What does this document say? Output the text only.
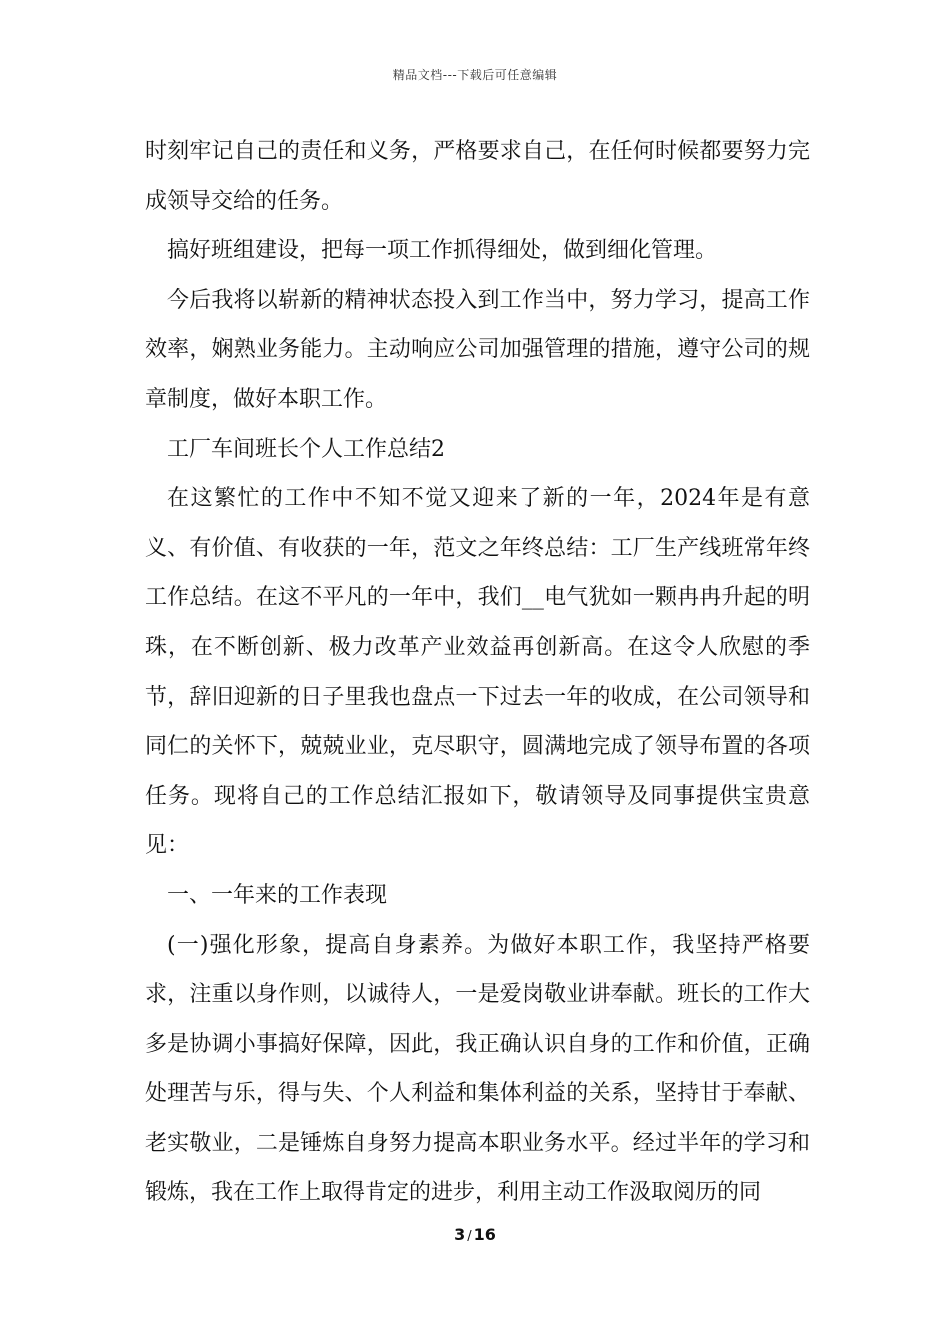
精品文档---下载后可任意编辑

时刻牢记自己的责任和义务，严格要求自己，在任何时候都要努力完成领导交给的任务。

搞好班组建设，把每一项工作抓得细处，做到细化管理。

今后我将以崭新的精神状态投入到工作当中，努力学习，提高工作效率，娴熟业务能力。主动响应公司加强管理的措施，遵守公司的规章制度，做好本职工作。

工厂车间班长个人工作总结2

在这繁忙的工作中不知不觉又迎来了新的一年，2024年是有意义、有价值、有收获的一年，范文之年终总结：工厂生产线班常年终工作总结。在这不平凡的一年中，我们__电气犹如一颗冉冉升起的明珠，在不断创新、极力改革产业效益再创新高。在这令人欣慰的季节，辞旧迎新的日子里我也盘点一下过去一年的收成，在公司领导和同仁的关怀下，兢兢业业，克尽职守，圆满地完成了领导布置的各项任务。现将自己的工作总结汇报如下，敬请领导及同事提供宝贵意见：

一、一年来的工作表现

(一)强化形象，提高自身素养。为做好本职工作，我坚持严格要求，注重以身作则，以诚待人，一是爱岗敬业讲奉献。班长的工作大多是协调小事搞好保障，因此，我正确认识自身的工作和价值，正确处理苦与乐，得与失、个人利益和集体利益的关系，坚持甘于奉献、老实敬业，二是锤炼自身努力提高本职业务水平。经过半年的学习和锻炼，我在工作上取得肯定的进步，利用主动工作汲取阅历的同

3 / 16
